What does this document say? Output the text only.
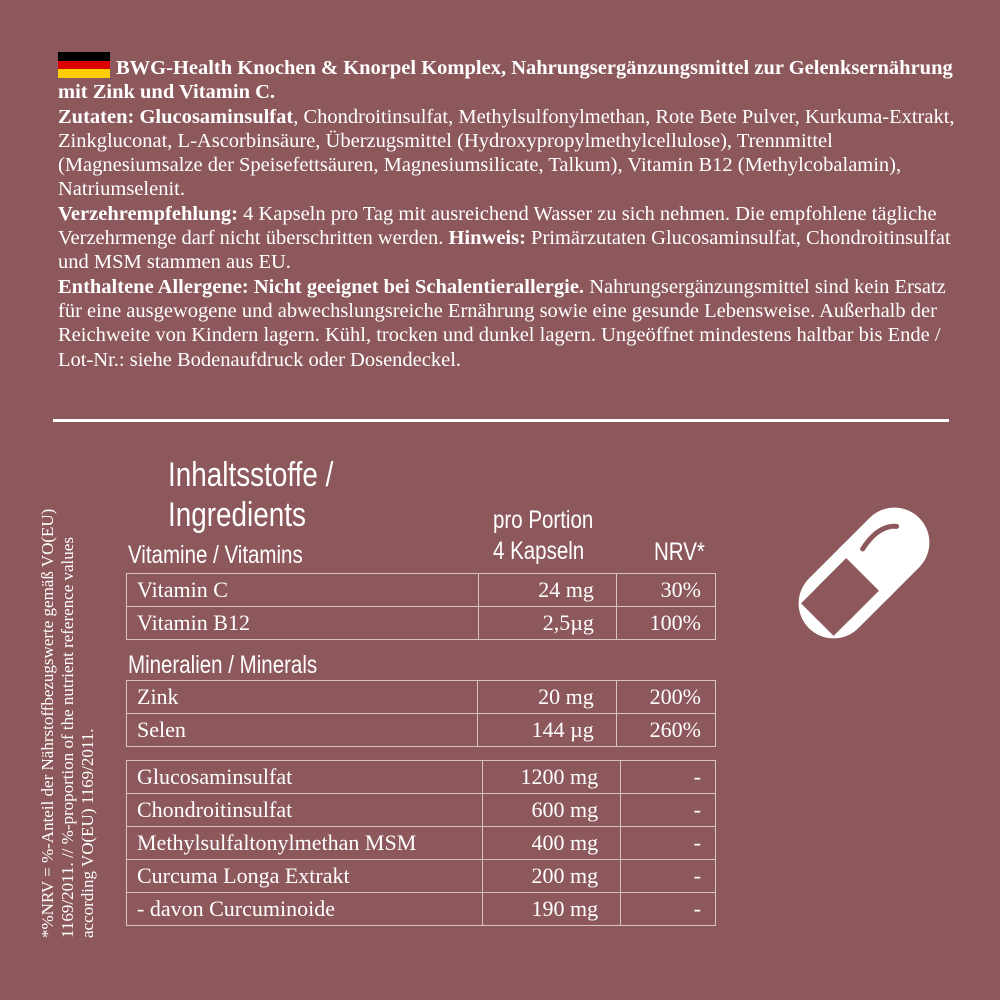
BWG-Health Knochen & Knorpel Komplex, Nahrungsergänzungsmittel zur Gelenksernährung mit Zink und Vitamin C.
Zutaten: Glucosaminsulfat, Chondroitinsulfat, Methylsulfonylmethan, Rote Bete Pulver, Kurkuma-Extrakt, Zinkgluconat, L-Ascorbinsäure, Überzugsmittel (Hydroxypropylmethylcellulose), Trennmittel (Magnesiumsalze der Speisefettsäuren, Magnesiumsilicate, Talkum), Vitamin B12 (Methylcobalamin), Natriumselenit.
Verzehrempfehlung: 4 Kapseln pro Tag mit ausreichend Wasser zu sich nehmen. Die empfohlene tägliche Verzehrmenge darf nicht überschritten werden. Hinweis: Primärzutaten Glucosaminsulfat, Chondroitinsulfat und MSM stammen aus EU.
Enthaltene Allergene: Nicht geeignet bei Schalentierallergie. Nahrungsergänzungsmittel sind kein Ersatz für eine ausgewogene und abwechslungsreiche Ernährung sowie eine gesunde Lebensweise. Außerhalb der Reichweite von Kindern lagern. Kühl, trocken und dunkel lagern. Ungeöffnet mindestens haltbar bis Ende / Lot-Nr.: siehe Bodenaufdruck oder Dosendeckel.
*%NRV = %-Anteil der Nährstoffbezugswerte gemäß VO(EU) 1169/2011. // %-proportion of the nutrient reference values according VO(EU) 1169/2011.
Inhaltsstoffe /
Ingredients	pro Portion
4 Kapseln	NRV*
Vitamine / Vitamins
Vitamin C	24 mg	30%
Vitamin B12	2,5µg	100%
Mineralien / Minerals
Zink	20 mg	200%
Selen	144 µg	260%
Glucosaminsulfat	1200 mg	-
Chondroitinsulfat	600 mg	-
Methylsulfaltonylmethan MSM	400 mg	-
Curcuma Longa Extrakt	200 mg	-
- davon Curcuminoide	190 mg	-
